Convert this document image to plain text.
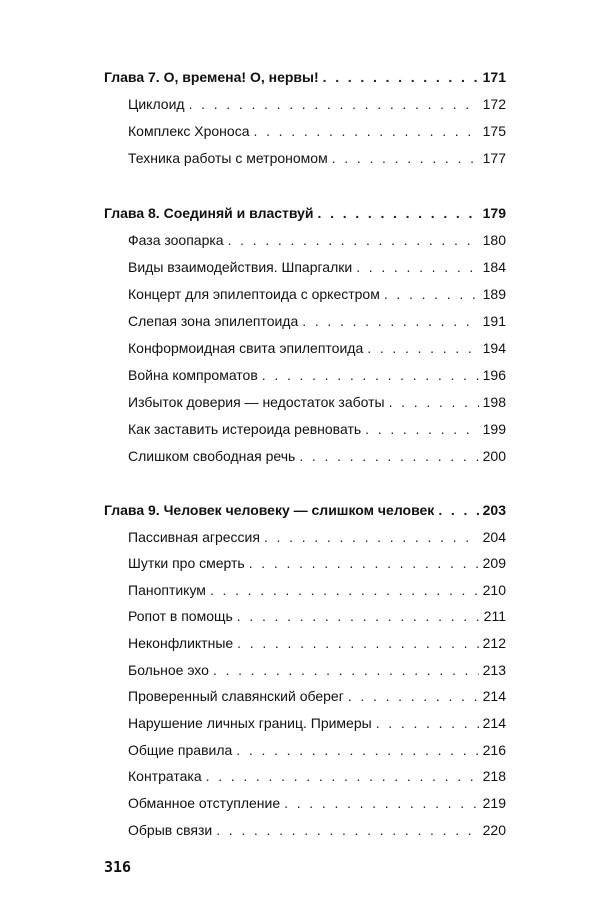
Глава 7. О, времена! О, нервы! . . .	171
Циклоид . . .	172
Комплекс Хроноса . . .	175
Техника работы с метрономом . . .	177
Глава 8. Соединяй и властвуй . . .	179
Фаза зоопарка . . .	180
Виды взаимодействия. Шпаргалки . . .	184
Концерт для эпилептоида с оркестром . . .	189
Слепая зона эпилептоида . . .	191
Конформоидная свита эпилептоида . . .	194
Война компроматов . . .	196
Избыток доверия — недостаток заботы . . .	198
Как заставить истероида ревновать . . .	199
Слишком свободная речь . . .	200
Глава 9. Человек человеку — слишком человек . . .	203
Пассивная агрессия . . .	204
Шутки про смерть . . .	209
Паноптикум . . .	210
Ропот в помощь . . .	211
Неконфликтные . . .	212
Больное эхо . . .	213
Проверенный славянский оберег . . .	214
Нарушение личных границ. Примеры . . .	214
Общие правила . . .	216
Контратака . . .	218
Обманное отступление . . .	219
Обрыв связи . . .	220
316
